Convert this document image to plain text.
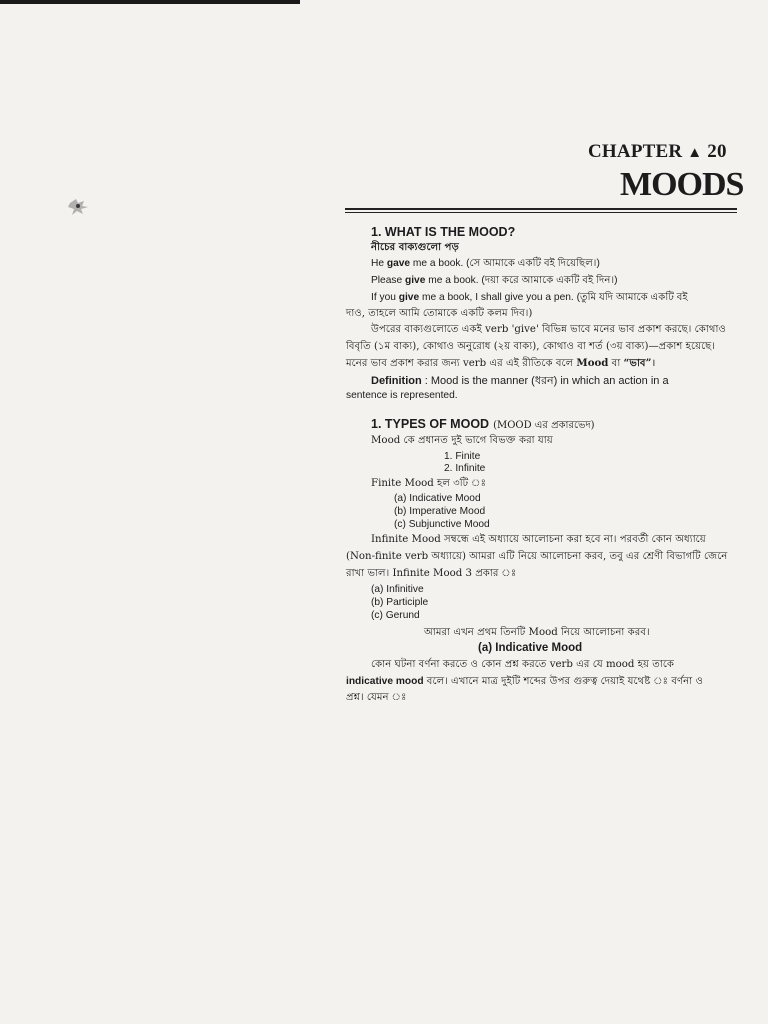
CHAPTER ▲ 20
MOODS
1. WHAT IS THE MOOD?
নীচের বাক্যগুলো পড়
He gave me a book. (সে আমাকে একটি বই দিয়েছিল।)
Please give me a book. (দয়া করে আমাকে একটি বই দিন।)
If you give me a book, I shall give you a pen. (তুমি যদি আমাকে একটি বই
দাও, তাহলে আমি তোমাকে একটি কলম দিব।)
উপরের বাক্যগুলোতে একই verb 'give' বিভিন্ন ভাবে মনের ভাব প্রকাশ করছে। কোথাও
বিবৃতি (১ম বাক্য), কোথাও অনুরোধ (২য় বাক্য), কোথাও বা শর্ত (৩য় বাক্য)—প্রকাশ হয়েছে।
মনের ভাব প্রকাশ করার জন্য verb এর এই রীতিকে বলে Mood বা “ভাব”।
Definition : Mood is the manner (ধরন) in which an action in a
sentence is represented.
1. TYPES OF MOOD (MOOD এর প্রকারভেদ)
Mood কে প্রধানত দুই ভাগে বিভক্ত করা যায়
1. Finite
2. Infinite
Finite Mood হল ৩টি ঃ
(a) Indicative Mood
(b) Imperative Mood
(c) Subjunctive Mood
Infinite Mood সম্বন্ধে এই অধ্যায়ে আলোচনা করা হবে না। পরবর্তী কোন অধ্যায়ে
(Non-finite verb অধ্যায়ে) আমরা এটি নিয়ে আলোচনা করব, তবু এর শ্রেণী বিভাগটি জেনে
রাখা ভাল। Infinite Mood 3 প্রকার ঃ
(a) Infinitive
(b) Participle
(c) Gerund
আমরা এখন প্রথম তিনটি Mood নিয়ে আলোচনা করব।
(a) Indicative Mood
কোন ঘটনা বর্ণনা করতে ও কোন প্রশ্ন করতে verb এর যে mood হয় তাকে
indicative mood বলে। এখানে মাত্র দুইটি শব্দের উপর গুরুত্ব দেয়াই যথেষ্ট ঃ বর্ণনা ও
প্রশ্ন। যেমন ঃ
